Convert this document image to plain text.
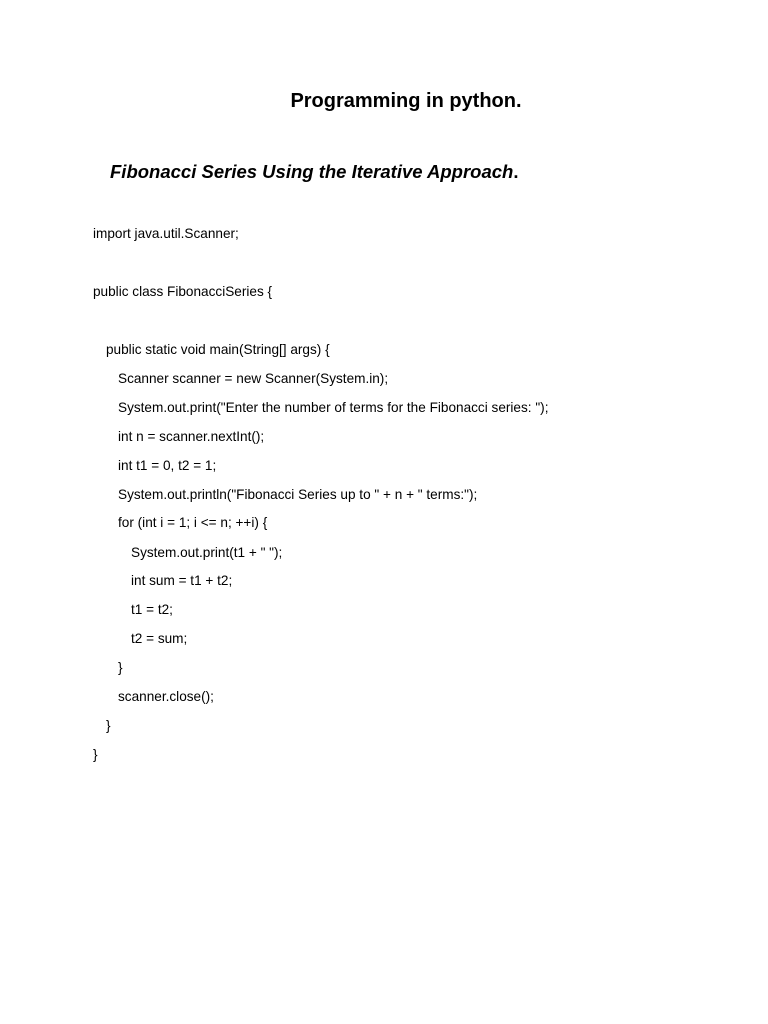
Programming in python.
Fibonacci Series Using the Iterative Approach.
import java.util.Scanner;
public class FibonacciSeries {
public static void main(String[] args) {
Scanner scanner = new Scanner(System.in);
System.out.print("Enter the number of terms for the Fibonacci series: ");
int n = scanner.nextInt();
int t1 = 0, t2 = 1;
System.out.println("Fibonacci Series up to " + n + " terms:");
for (int i = 1; i <= n; ++i) {
System.out.print(t1 + " ");
int sum = t1 + t2;
t1 = t2;
t2 = sum;
}
scanner.close();
}
}
